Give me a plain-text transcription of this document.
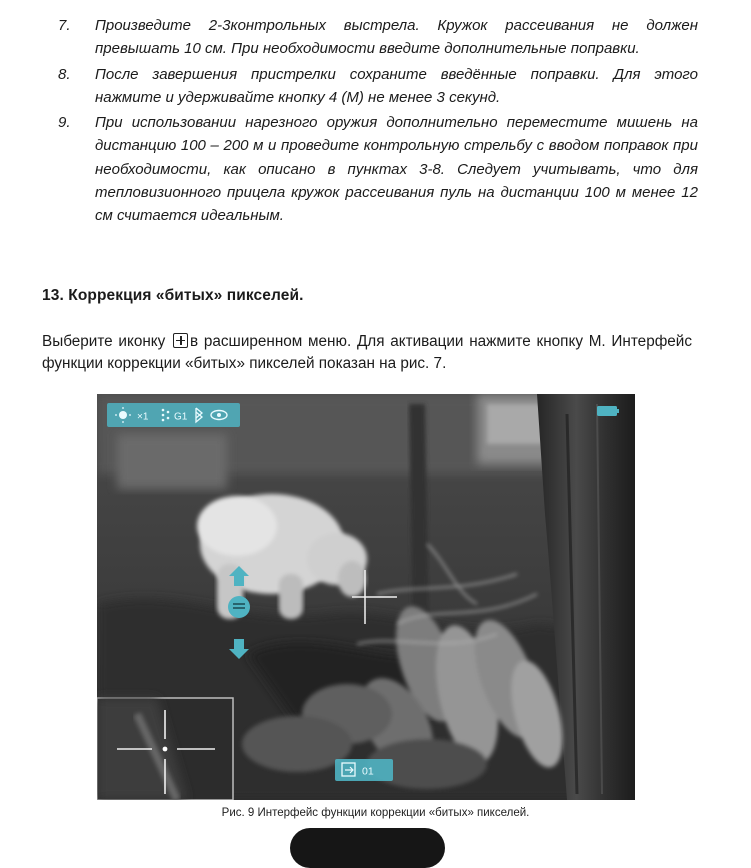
7.	Произведите 2-3контрольных выстрела. Кружок рассеивания не должен превышать 10 см. При необходимости введите дополнительные поправки.
8.	После завершения пристрелки сохраните введённые поправки. Для этого нажмите и удерживайте кнопку 4 (M) не менее 3 секунд.
9.	При использовании нарезного оружия дополнительно переместите мишень на дистанцию 100 – 200 м и проведите контрольную стрельбу с вводом поправок при необходимости, как описано в пунктах 3-8. Следует учитывать, что для тепловизионного прицела кружок рассеивания пуль на дистанции 100 м менее 12 см считается идеальным.
13. Коррекция «битых» пикселей.
Выберите иконку в расширенном меню. Для активации нажмите кнопку M. Интерфейс функции коррекции «битых» пикселей показан на рис. 7.
×1	G1
01
Рис. 9 Интерфейс функции коррекции «битых» пикселей.
